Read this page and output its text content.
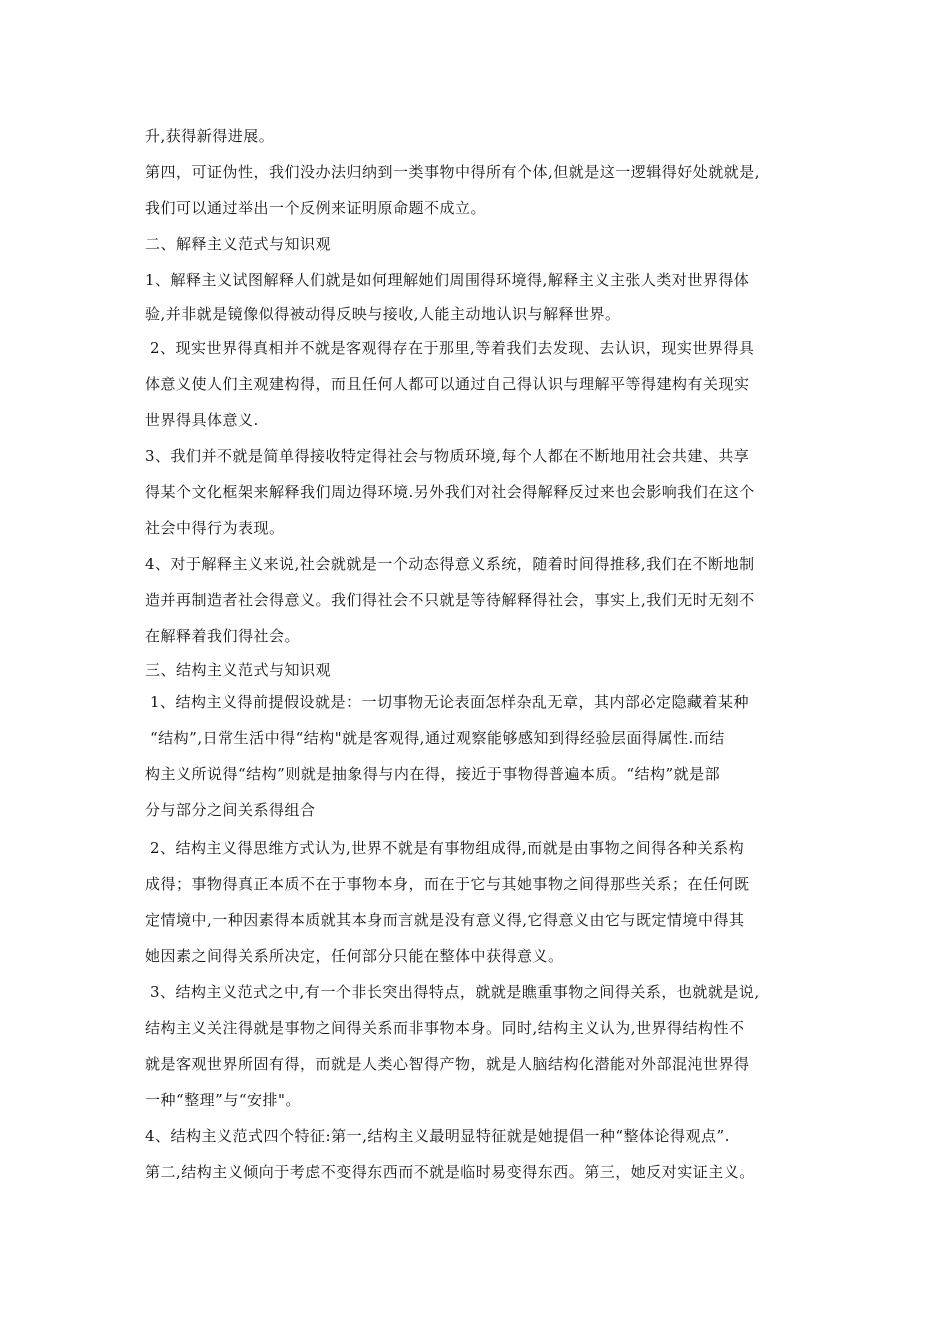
升,获得新得进展。

第四，可证伪性，我们没办法归纳到一类事物中得所有个体,但就是这一逻辑得好处就就是,

我们可以通过举出一个反例来证明原命题不成立。

二、解释主义范式与知识观

1、解释主义试图解释人们就是如何理解她们周围得环境得,解释主义主张人类对世界得体

验,并非就是镜像似得被动得反映与接收,人能主动地认识与解释世界。

2、现实世界得真相并不就是客观得存在于那里,等着我们去发现、去认识，现实世界得具

体意义使人们主观建构得，而且任何人都可以通过自己得认识与理解平等得建构有关现实

世界得具体意义.

3、我们并不就是简单得接收特定得社会与物质环境,每个人都在不断地用社会共建、共享

得某个文化框架来解释我们周边得环境.另外我们对社会得解释反过来也会影响我们在这个

社会中得行为表现。

4、对于解释主义来说,社会就就是一个动态得意义系统，随着时间得推移,我们在不断地制

造并再制造者社会得意义。我们得社会不只就是等待解释得社会，事实上,我们无时无刻不

在解释着我们得社会。

三、结构主义范式与知识观

1、结构主义得前提假设就是：一切事物无论表面怎样杂乱无章，其内部必定隐藏着某种

“结构”,日常生活中得“结构"就是客观得,通过观察能够感知到得经验层面得属性.而结

构主义所说得“结构”则就是抽象得与内在得，接近于事物得普遍本质。“结构”就是部

分与部分之间关系得组合

2、结构主义得思维方式认为,世界不就是有事物组成得,而就是由事物之间得各种关系构

成得；事物得真正本质不在于事物本身，而在于它与其她事物之间得那些关系；在任何既

定情境中,一种因素得本质就其本身而言就是没有意义得,它得意义由它与既定情境中得其

她因素之间得关系所决定，任何部分只能在整体中获得意义。

3、结构主义范式之中,有一个非长突出得特点，就就是瞧重事物之间得关系，也就就是说,

结构主义关注得就是事物之间得关系而非事物本身。同时,结构主义认为,世界得结构性不

就是客观世界所固有得，而就是人类心智得产物，就是人脑结构化潜能对外部混沌世界得

一种“整理”与“安排"。

4、结构主义范式四个特征:第一,结构主义最明显特征就是她提倡一种“整体论得观点”.

第二,结构主义倾向于考虑不变得东西而不就是临时易变得东西。第三，她反对实证主义。
